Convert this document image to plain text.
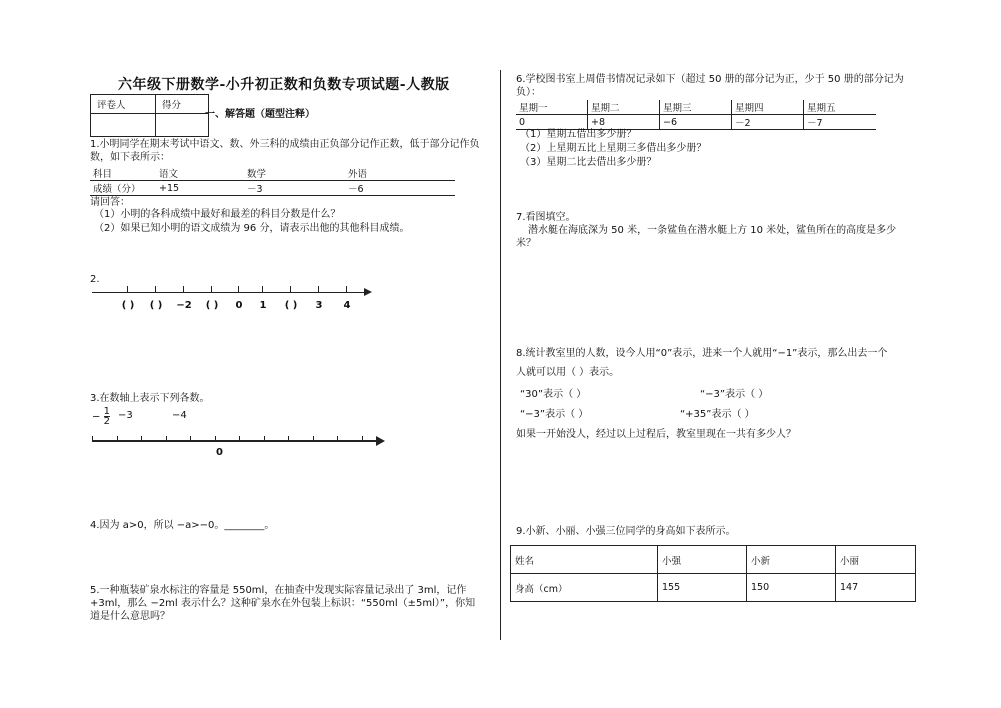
六年级下册数学-小升初正数和负数专项试题-人教版
评卷人	得分

一、解答题（题型注释）
1.小明同学在期末考试中语文、数、外三科的成绩由正负部分记作正数，低于部分记作负数，如下表所示：
科目	语文	数学	外语
成绩（分）	+15	－3	－6
请回答：
（1）小明的各科成绩中最好和最差的科目分数是什么？
（2）如果已知小明的语文成绩为 96 分，请表示出他的其他科目成绩。
2.
( )	( )	−2	( )	0	1	( )	3	4
3.在数轴上表示下列各数。
− $\frac{1}{2} -3$	−4
0
4.因为 a>0，所以 −a>−0。________。
5.一种瓶装矿泉水标注的容量是 550ml，在抽查中发现实际容量记录出了 3ml，记作 +3ml，那么 −2ml 表示什么？这种矿泉水在外包装上标识：“550ml（±5ml）”，你知道是什么意思吗？
6.学校图书室上周借书情况记录如下（超过 50 册的部分记为正，少于 50 册的部分记为负）：
星期一	星期二	星期三	星期四	星期五
0	+8	−6	－2	－7
（1）星期五借出多少册？
（2）上星期五比上星期三多借出多少册？
（3）星期二比去借出多少册？
7.看图填空。
潜水艇在海底深为 50 米，一条鲨鱼在潜水艇上方 10 米处，鲨鱼所在的高度是多少米？
8.统计教室里的人数，设今人用“0”表示，进来一个人就用“−1”表示，那么出去一个
人就可以用（ ）表示。
“30”表示（ ）	“−3”表示（ ）
“−3”表示（ ）	“+35”表示（ ）
如果一开始没人，经过以上过程后，教室里现在一共有多少人？
9.小新、小丽、小强三位同学的身高如下表所示。
姓名	小强	小新	小丽
身高（cm）	155	150	147
